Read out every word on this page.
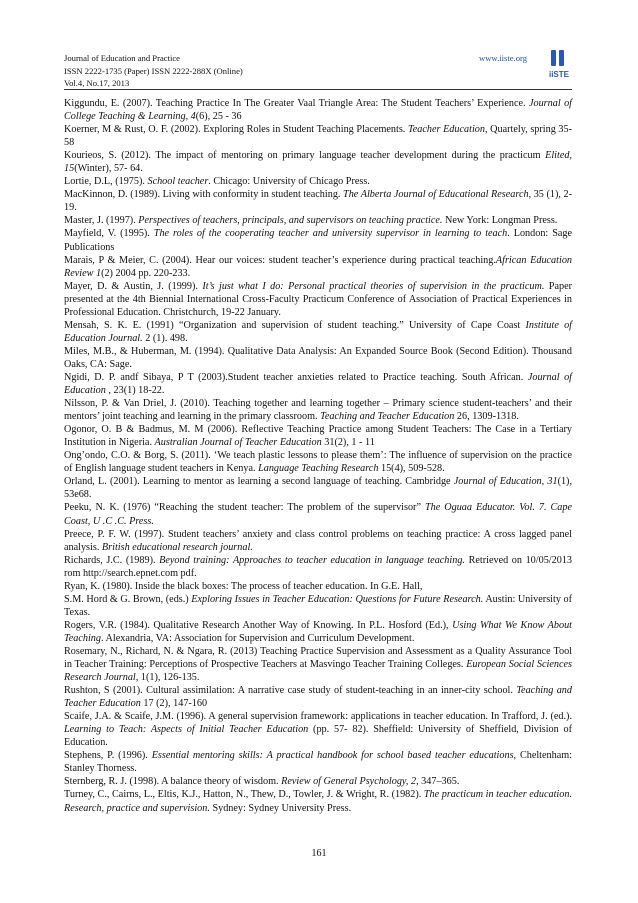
Journal of Education and Practice
ISSN 2222-1735 (Paper) ISSN 2222-288X (Online)
Vol.4, No.17, 2013
www.iiste.org
iiSTE

Kiggundu, E. (2007). Teaching Practice In The Greater Vaal Triangle Area: The Student Teachers’ Experience. Journal of College Teaching & Learning, 4(6), 25 - 36

Koerner, M & Rust, O. F. (2002). Exploring Roles in Student Teaching Placements. Teacher Education, Quartely, spring 35-58

Kourieos, S. (2012). The impact of mentoring on primary language teacher development during the practicum Elited, 15(Winter), 57- 64.

Lortie, D.L, (1975). School teacher. Chicago: University of Chicago Press.

MacKinnon, D. (1989). Living with conformity in student teaching. The Alberta Journal of Educational Research, 35 (1), 2-19.

Master, J. (1997). Perspectives of teachers, principals, and supervisors on teaching practice. New York: Longman Press.

Mayfield, V. (1995). The roles of the cooperating teacher and university supervisor in learning to teach. London: Sage Publications

Marais, P & Meier, C. (2004). Hear our voices: student teacher’s experience during practical teaching.African Education Review 1(2) 2004 pp. 220-233.

Mayer, D. & Austin, J. (1999). It’s just what I do: Personal practical theories of supervision in the practicum. Paper presented at the 4th Biennial International Cross-Faculty Practicum Conference of Association of Practical Experiences in Professional Education. Christchurch, 19-22 January.

Mensah, S. K. E. (1991) “Organization and supervision of student teaching.” University of Cape Coast Institute of Education Journal. 2 (1). 498.

Miles, M.B., & Huberman, M. (1994). Qualitative Data Analysis: An Expanded Source Book (Second Edition). Thousand Oaks, CA: Sage.

Ngidi, D. P. andf Sibaya, P T (2003).Student teacher anxieties related to Practice teaching. South African. Journal of Education , 23(1) 18-22.

Nilsson, P. & Van Driel, J. (2010). Teaching together and learning together – Primary science student-teachers’ and their mentors’ joint teaching and learning in the primary classroom. Teaching and Teacher Education 26, 1309-1318.

Ogonor, O. B & Badmus, M. M (2006). Reflective Teaching Practice among Student Teachers: The Case in a Tertiary Institution in Nigeria. Australian Journal of Teacher Education 31(2), 1 - 11

Ong’ondo, C.O. & Borg, S. (2011). ‘We teach plastic lessons to please them’: The influence of supervision on the practice of English language student teachers in Kenya. Language Teaching Research 15(4), 509-528.

Orland, L. (2001). Learning to mentor as learning a second language of teaching. Cambridge Journal of Education, 31(1), 53e68.

Peeku, N. K. (1976) “Reaching the student teacher: The problem of the supervisor” The Oguaa Educator. Vol. 7. Cape Coast, U .C .C. Press.

Preece, P. F. W. (1997). Student teachers’ anxiety and class control problems on teaching practice: A cross lagged panel analysis. British educational research journal.

Richards, J.C. (1989). Beyond training: Approaches to teacher education in language teaching. Retrieved on 10/05/2013 rom http://search.epnet.com pdf.

Ryan, K. (1980). Inside the black boxes: The process of teacher education. In G.E. Hall,

S.M. Hord & G. Brown, (eds.) Exploring Issues in Teacher Education: Questions for Future Research. Austin: University of Texas.

Rogers, V.R. (1984). Qualitative Research Another Way of Knowing. In P.L. Hosford (Ed.), Using What We Know About Teaching. Alexandria, VA: Association for Supervision and Curriculum Development.

Rosemary, N., Richard, N. & Ngara, R. (2013) Teaching Practice Supervision and Assessment as a Quality Assurance Tool in Teacher Training: Perceptions of Prospective Teachers at Masvingo Teacher Training Colleges. European Social Sciences Research Journal, 1(1), 126-135.

Rushton, S (2001). Cultural assimilation: A narrative case study of student-teaching in an inner-city school. Teaching and Teacher Education 17 (2), 147-160

Scaife, J.A. & Scaife, J.M. (1996). A general supervision framework: applications in teacher education. In Trafford, J. (ed.). Learning to Teach: Aspects of Initial Teacher Education (pp. 57- 82). Sheffield: University of Sheffield, Division of Education.

Stephens, P. (1996). Essential mentoring skills: A practical handbook for school based teacher educations, Cheltenham: Stanley Thorness.

Sternberg, R. J. (1998). A balance theory of wisdom. Review of General Psychology, 2, 347–365.

Turney, C., Cairns, L., Eltis, K.J., Hatton, N., Thew, D., Towler, J. & Wright, R. (1982). The practicum in teacher education. Research, practice and supervision. Sydney: Sydney University Press.

161
